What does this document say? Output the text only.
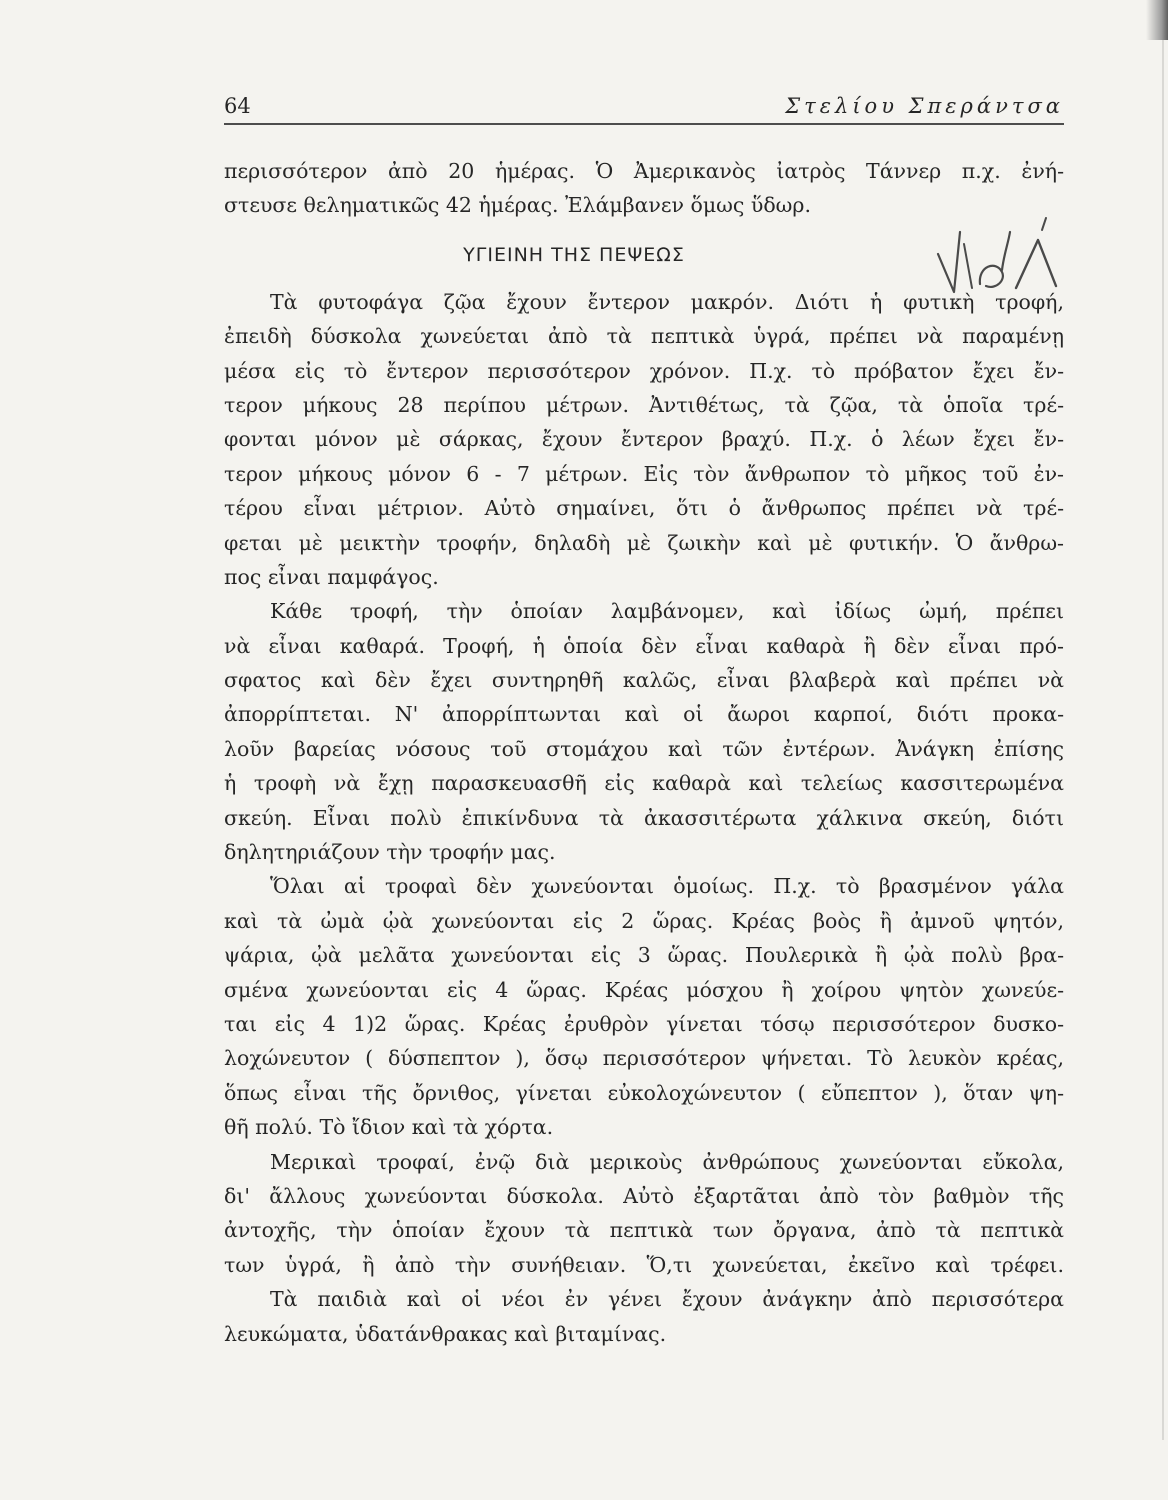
64	Στελίου Σπεράντσα
περισσότερον ἀπὸ 20 ἡμέρας. Ὁ Ἀμερικανὸς ἰατρὸς Τάννερ π.χ. ἐνή-
στευσε θεληματικῶς 42 ἡμέρας. Ἐλάμβανεν ὅμως ὕδωρ.
ΥΓΙΕΙΝΗ ΤΗΣ ΠΕΨΕΩΣ
Τὰ φυτοφάγα ζῷα ἔχουν ἔντερον μακρόν. Διότι ἡ φυτικὴ τροφή,
ἐπειδὴ δύσκολα χωνεύεται ἀπὸ τὰ πεπτικὰ ὑγρά, πρέπει νὰ παραμένῃ
μέσα εἰς τὸ ἔντερον περισσότερον χρόνον. Π.χ. τὸ πρόβατον ἔχει ἔν-
τερον μήκους 28 περίπου μέτρων. Ἀντιθέτως, τὰ ζῷα, τὰ ὁποῖα τρέ-
φονται μόνον μὲ σάρκας, ἔχουν ἔντερον βραχύ. Π.χ. ὁ λέων ἔχει ἔν-
τερον μήκους μόνον 6 - 7 μέτρων. Εἰς τὸν ἄνθρωπον τὸ μῆκος τοῦ ἐν-
τέρου εἶναι μέτριον. Αὐτὸ σημαίνει, ὅτι ὁ ἄνθρωπος πρέπει νὰ τρέ-
φεται μὲ μεικτὴν τροφήν, δηλαδὴ μὲ ζωικὴν καὶ μὲ φυτικήν. Ὁ ἄνθρω-
πος εἶναι παμφάγος.
Κάθε τροφή, τὴν ὁποίαν λαμβάνομεν, καὶ ἰδίως ὠμή, πρέπει
νὰ εἶναι καθαρά. Τροφή, ἡ ὁποία δὲν εἶναι καθαρὰ ἢ δὲν εἶναι πρό-
σφατος καὶ δὲν ἔχει συντηρηθῆ καλῶς, εἶναι βλαβερὰ καὶ πρέπει νὰ
ἀπορρίπτεται. Ν' ἀπορρίπτωνται καὶ οἱ ἄωροι καρποί, διότι προκα-
λοῦν βαρείας νόσους τοῦ στομάχου καὶ τῶν ἐντέρων. Ἀνάγκη ἐπίσης
ἡ τροφὴ νὰ ἔχῃ παρασκευασθῆ εἰς καθαρὰ καὶ τελείως κασσιτερωμένα
σκεύη. Εἶναι πολὺ ἐπικίνδυνα τὰ ἀκασσιτέρωτα χάλκινα σκεύη, διότι
δηλητηριάζουν τὴν τροφήν μας.
Ὅλαι αἱ τροφαὶ δὲν χωνεύονται ὁμοίως. Π.χ. τὸ βρασμένον γάλα
καὶ τὰ ὠμὰ ᾠὰ χωνεύονται εἰς 2 ὥρας. Κρέας βοὸς ἢ ἀμνοῦ ψητόν,
ψάρια, ᾠὰ μελᾶτα χωνεύονται εἰς 3 ὥρας. Πουλερικὰ ἢ ᾠὰ πολὺ βρα-
σμένα χωνεύονται εἰς 4 ὥρας. Κρέας μόσχου ἢ χοίρου ψητὸν χωνεύε-
ται εἰς 4 1)2 ὥρας. Κρέας ἐρυθρὸν γίνεται τόσῳ περισσότερον δυσκο-
λοχώνευτον ( δύσπεπτον ), ὅσῳ περισσότερον ψήνεται. Τὸ λευκὸν κρέας,
ὅπως εἶναι τῆς ὄρνιθος, γίνεται εὐκολοχώνευτον ( εὔπεπτον ), ὅταν ψη-
θῆ πολύ. Τὸ ἴδιον καὶ τὰ χόρτα.
Μερικαὶ τροφαί, ἐνῷ διὰ μερικοὺς ἀνθρώπους χωνεύονται εὔκολα,
δι' ἄλλους χωνεύονται δύσκολα. Αὐτὸ ἐξαρτᾶται ἀπὸ τὸν βαθμὸν τῆς
ἀντοχῆς, τὴν ὁποίαν ἔχουν τὰ πεπτικὰ των ὄργανα, ἀπὸ τὰ πεπτικὰ
των ὑγρά, ἢ ἀπὸ τὴν συνήθειαν. Ὅ,τι χωνεύεται, ἐκεῖνο καὶ τρέφει.
Τὰ παιδιὰ καὶ οἱ νέοι ἐν γένει ἔχουν ἀνάγκην ἀπὸ περισσότερα
λευκώματα, ὑδατάνθρακας καὶ βιταμίνας.
